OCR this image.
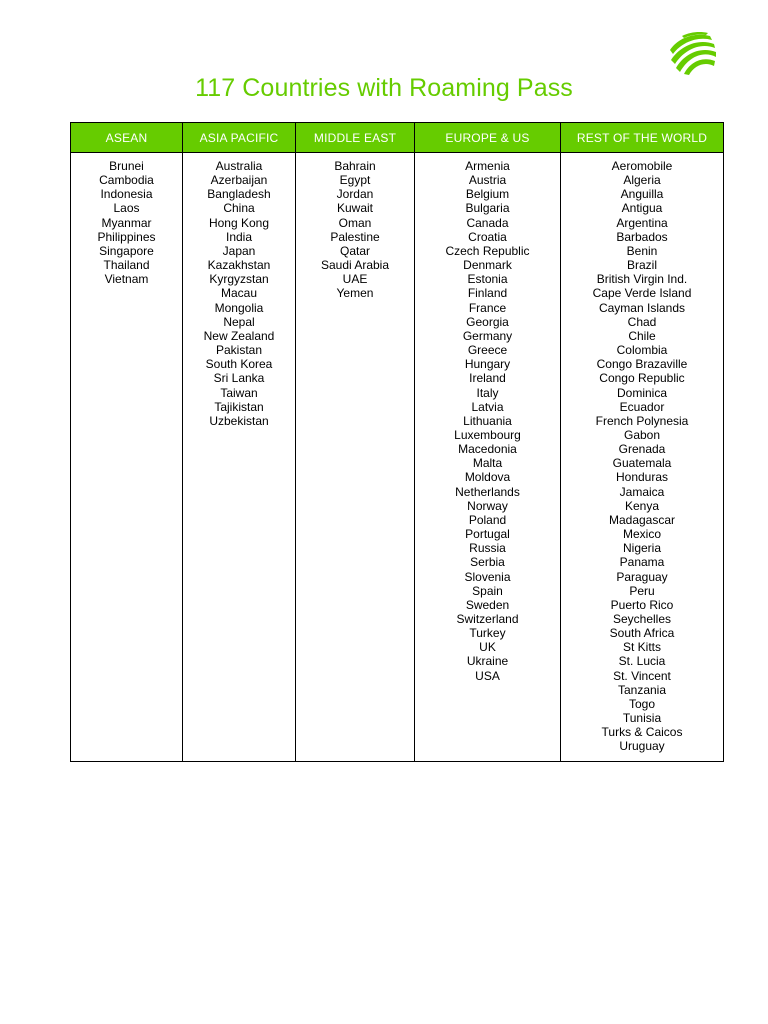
117 Countries with Roaming Pass
ASEAN
Brunei
Cambodia
Indonesia
Laos
Myanmar
Philippines
Singapore
Thailand
Vietnam
ASIA PACIFIC
Australia
Azerbaijan
Bangladesh
China
Hong Kong
India
Japan
Kazakhstan
Kyrgyzstan
Macau
Mongolia
Nepal
New Zealand
Pakistan
South Korea
Sri Lanka
Taiwan
Tajikistan
Uzbekistan
MIDDLE EAST
Bahrain
Egypt
Jordan
Kuwait
Oman
Palestine
Qatar
Saudi Arabia
UAE
Yemen
EUROPE & US
Armenia
Austria
Belgium
Bulgaria
Canada
Croatia
Czech Republic
Denmark
Estonia
Finland
France
Georgia
Germany
Greece
Hungary
Ireland
Italy
Latvia
Lithuania
Luxembourg
Macedonia
Malta
Moldova
Netherlands
Norway
Poland
Portugal
Russia
Serbia
Slovenia
Spain
Sweden
Switzerland
Turkey
UK
Ukraine
USA
REST OF THE WORLD
Aeromobile
Algeria
Anguilla
Antigua
Argentina
Barbados
Benin
Brazil
British Virgin Ind.
Cape Verde Island
Cayman Islands
Chad
Chile
Colombia
Congo Brazaville
Congo Republic
Dominica
Ecuador
French Polynesia
Gabon
Grenada
Guatemala
Honduras
Jamaica
Kenya
Madagascar
Mexico
Nigeria
Panama
Paraguay
Peru
Puerto Rico
Seychelles
South Africa
St Kitts
St. Lucia
St. Vincent
Tanzania
Togo
Tunisia
Turks & Caicos
Uruguay
